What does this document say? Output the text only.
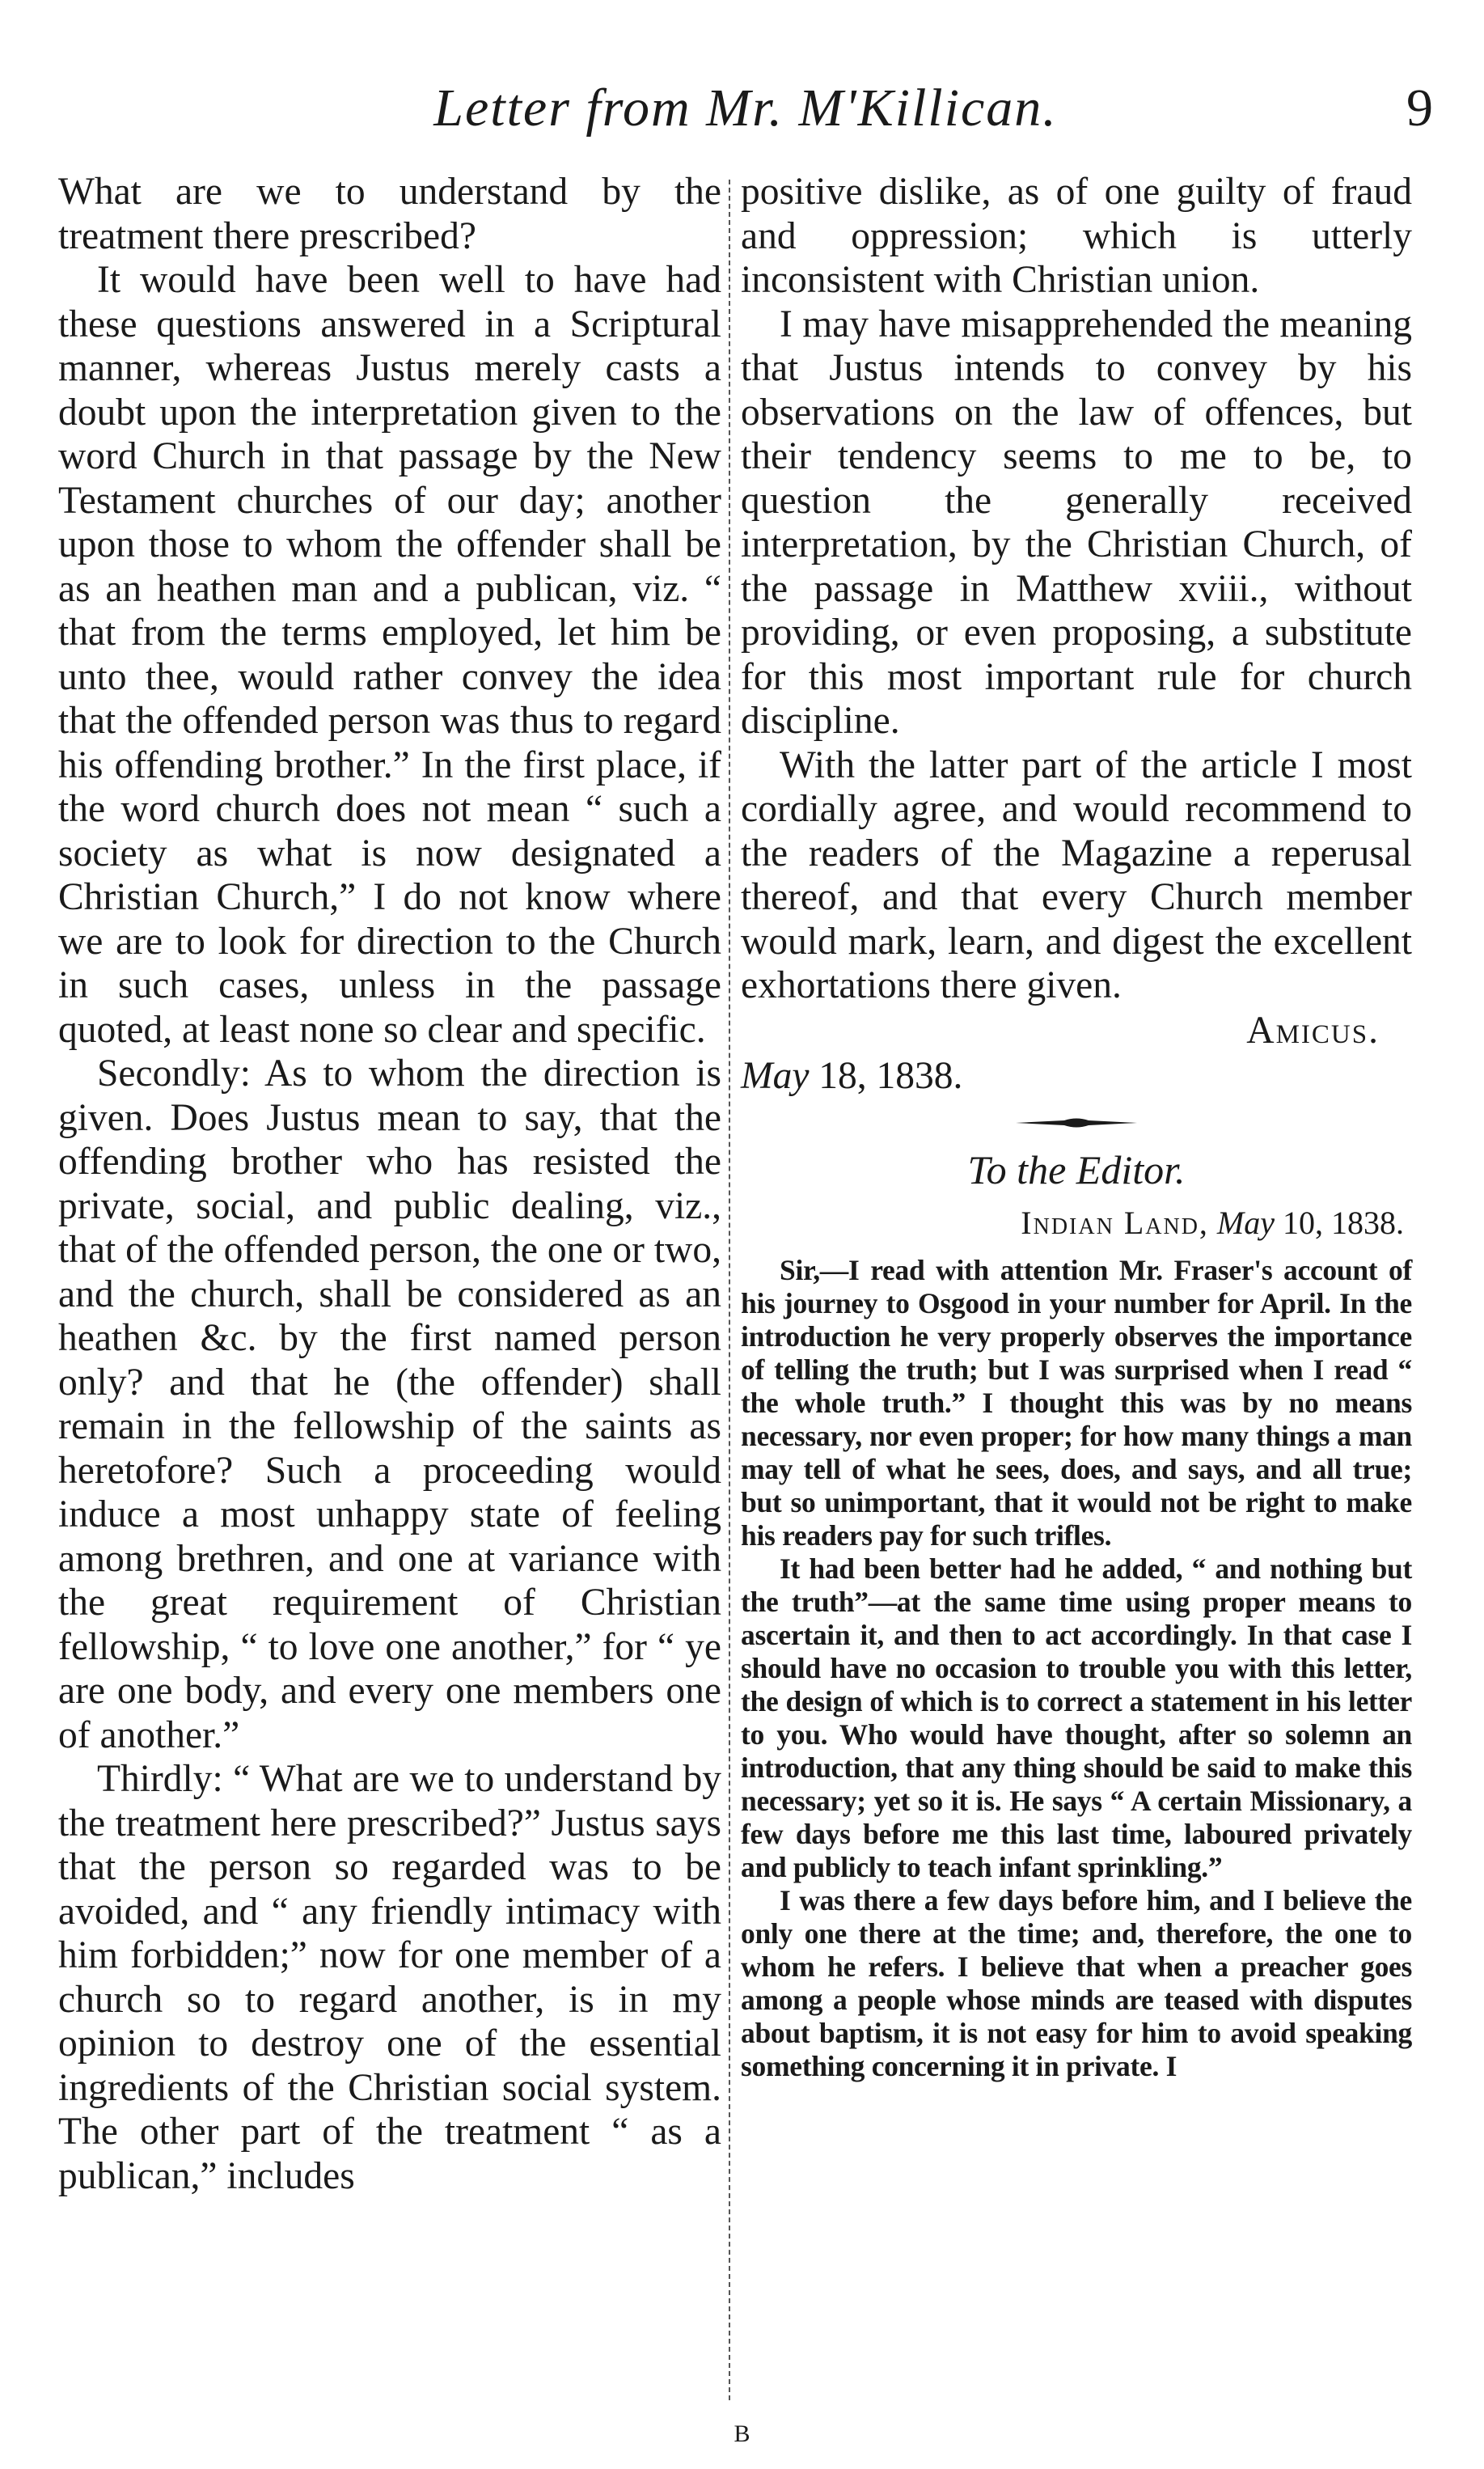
Letter from Mr. M'Killican.	9

What are we to understand by the treatment there prescribed?

It would have been well to have had these questions answered in a Scriptural manner, whereas Justus merely casts a doubt upon the interpretation given to the word Church in that passage by the New Testament churches of our day; another upon those to whom the offender shall be as an heathen man and a publican, viz. “ that from the terms employed, let him be unto thee, would rather convey the idea that the offended person was thus to regard his offending brother.” In the first place, if the word church does not mean “ such a society as what is now designated a Christian Church,” I do not know where we are to look for direction to the Church in such cases, unless in the passage quoted, at least none so clear and specific.

Secondly: As to whom the direction is given. Does Justus mean to say, that the offending brother who has resisted the private, social, and public dealing, viz., that of the offended person, the one or two, and the church, shall be considered as an heathen &c. by the first named person only? and that he (the offender) shall remain in the fellowship of the saints as heretofore? Such a proceeding would induce a most unhappy state of feeling among brethren, and one at variance with the great requirement of Christian fellowship, “ to love one another,” for “ ye are one body, and every one members one of another.”

Thirdly: “ What are we to understand by the treatment here prescribed?” Justus says that the person so regarded was to be avoided, and “ any friendly intimacy with him forbidden;” now for one member of a church so to regard another, is in my opinion to destroy one of the essential ingredients of the Christian social system. The other part of the treatment “ as a publican,” includes

positive dislike, as of one guilty of fraud and oppression; which is utterly inconsistent with Christian union.

I may have misapprehended the meaning that Justus intends to convey by his observations on the law of offences, but their tendency seems to me to be, to question the generally received interpretation, by the Christian Church, of the passage in Matthew xviii., without providing, or even proposing, a substitute for this most important rule for church discipline.

With the latter part of the article I most cordially agree, and would recommend to the readers of the Magazine a reperusal thereof, and that every Church member would mark, learn, and digest the excellent exhortations there given.

Amicus.
May 18, 1838.
To the Editor.
Indian Land, May 10, 1838.

Sir,—I read with attention Mr. Fraser's account of his journey to Osgood in your number for April. In the introduction he very properly observes the importance of telling the truth; but I was surprised when I read “ the whole truth.” I thought this was by no means necessary, nor even proper; for how many things a man may tell of what he sees, does, and says, and all true; but so unimportant, that it would not be right to make his readers pay for such trifles.

It had been better had he added, “ and nothing but the truth”—at the same time using proper means to ascertain it, and then to act accordingly. In that case I should have no occasion to trouble you with this letter, the design of which is to correct a statement in his letter to you. Who would have thought, after so solemn an introduction, that any thing should be said to make this necessary; yet so it is. He says “ A certain Missionary, a few days before me this last time, laboured privately and publicly to teach infant sprinkling.”

I was there a few days before him, and I believe the only one there at the time; and, therefore, the one to whom he refers. I believe that when a preacher goes among a people whose minds are teased with disputes about baptism, it is not easy for him to avoid speaking something concerning it in private. I

B
